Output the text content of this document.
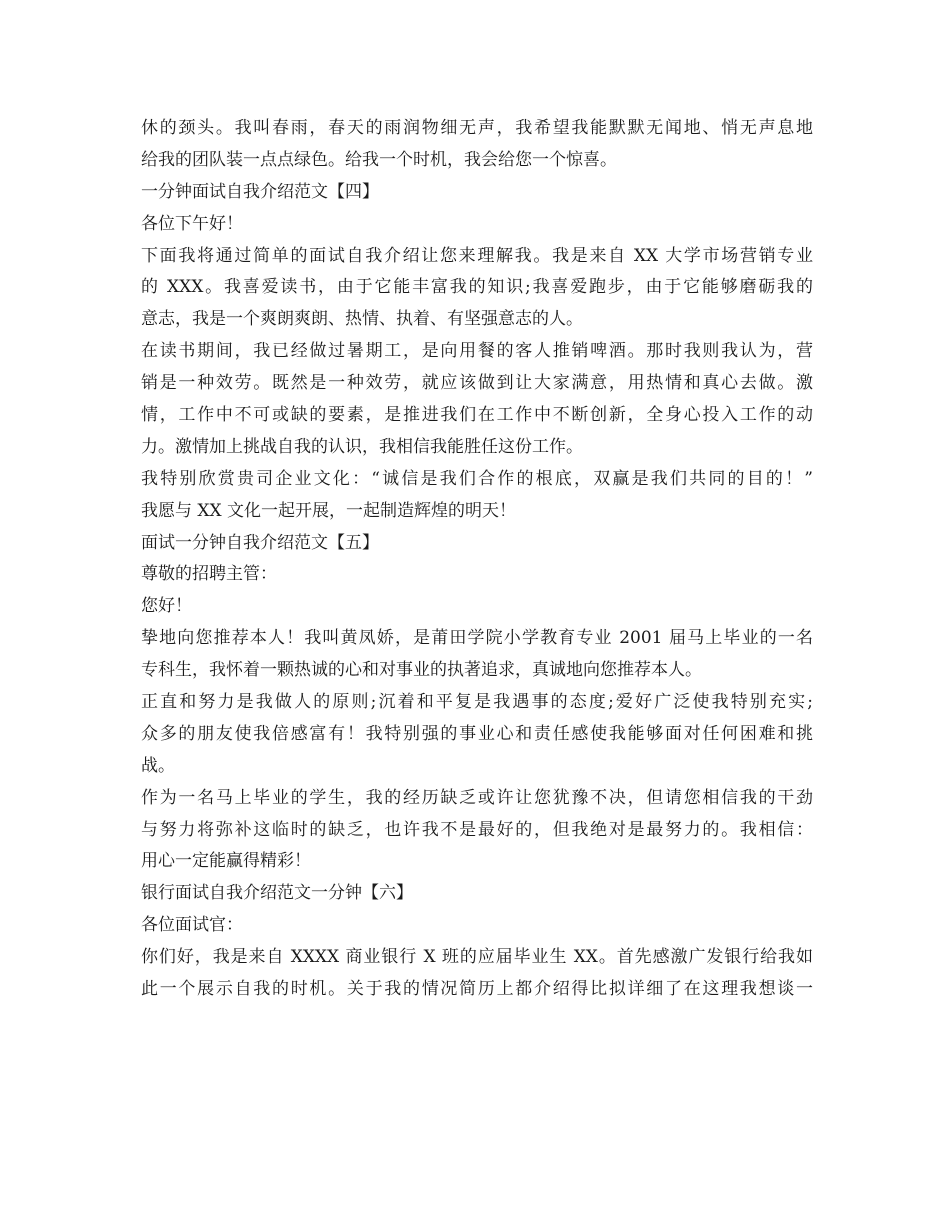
休的颈头。我叫春雨，春天的雨润物细无声，我希望我能默默无闻地、悄无声息地
给我的团队装一点点绿色。给我一个时机，我会给您一个惊喜。
一分钟面试自我介绍范文【四】
各位下午好！
下面我将通过简单的面试自我介绍让您来理解我。我是来自 XX 大学市场营销专业
的 XXX。我喜爱读书，由于它能丰富我的知识;我喜爱跑步，由于它能够磨砺我的
意志，我是一个爽朗爽朗、热情、执着、有坚强意志的人。
在读书期间，我已经做过暑期工，是向用餐的客人推销啤酒。那时我则我认为，营
销是一种效劳。既然是一种效劳，就应该做到让大家满意，用热情和真心去做。激
情，工作中不可或缺的要素，是推进我们在工作中不断创新，全身心投入工作的动
力。激情加上挑战自我的认识，我相信我能胜任这份工作。
我特别欣赏贵司企业文化：“诚信是我们合作的根底，双赢是我们共同的目的！”
我愿与 XX 文化一起开展，一起制造辉煌的明天！
面试一分钟自我介绍范文【五】
尊敬的招聘主管：
您好！
挚地向您推荐本人！我叫黄凤娇，是莆田学院小学教育专业 2001 届马上毕业的一名
专科生，我怀着一颗热诚的心和对事业的执著追求，真诚地向您推荐本人。
正直和努力是我做人的原则;沉着和平复是我遇事的态度;爱好广泛使我特别充实;
众多的朋友使我倍感富有！我特别强的事业心和责任感使我能够面对任何困难和挑
战。
作为一名马上毕业的学生，我的经历缺乏或许让您犹豫不决，但请您相信我的干劲
与努力将弥补这临时的缺乏，也许我不是最好的，但我绝对是最努力的。我相信：
用心一定能赢得精彩！
银行面试自我介绍范文一分钟【六】
各位面试官：
你们好，我是来自 XXXX 商业银行 X 班的应届毕业生 XX。首先感激广发银行给我如
此一个展示自我的时机。关于我的情况简历上都介绍得比拟详细了在这理我想谈一
